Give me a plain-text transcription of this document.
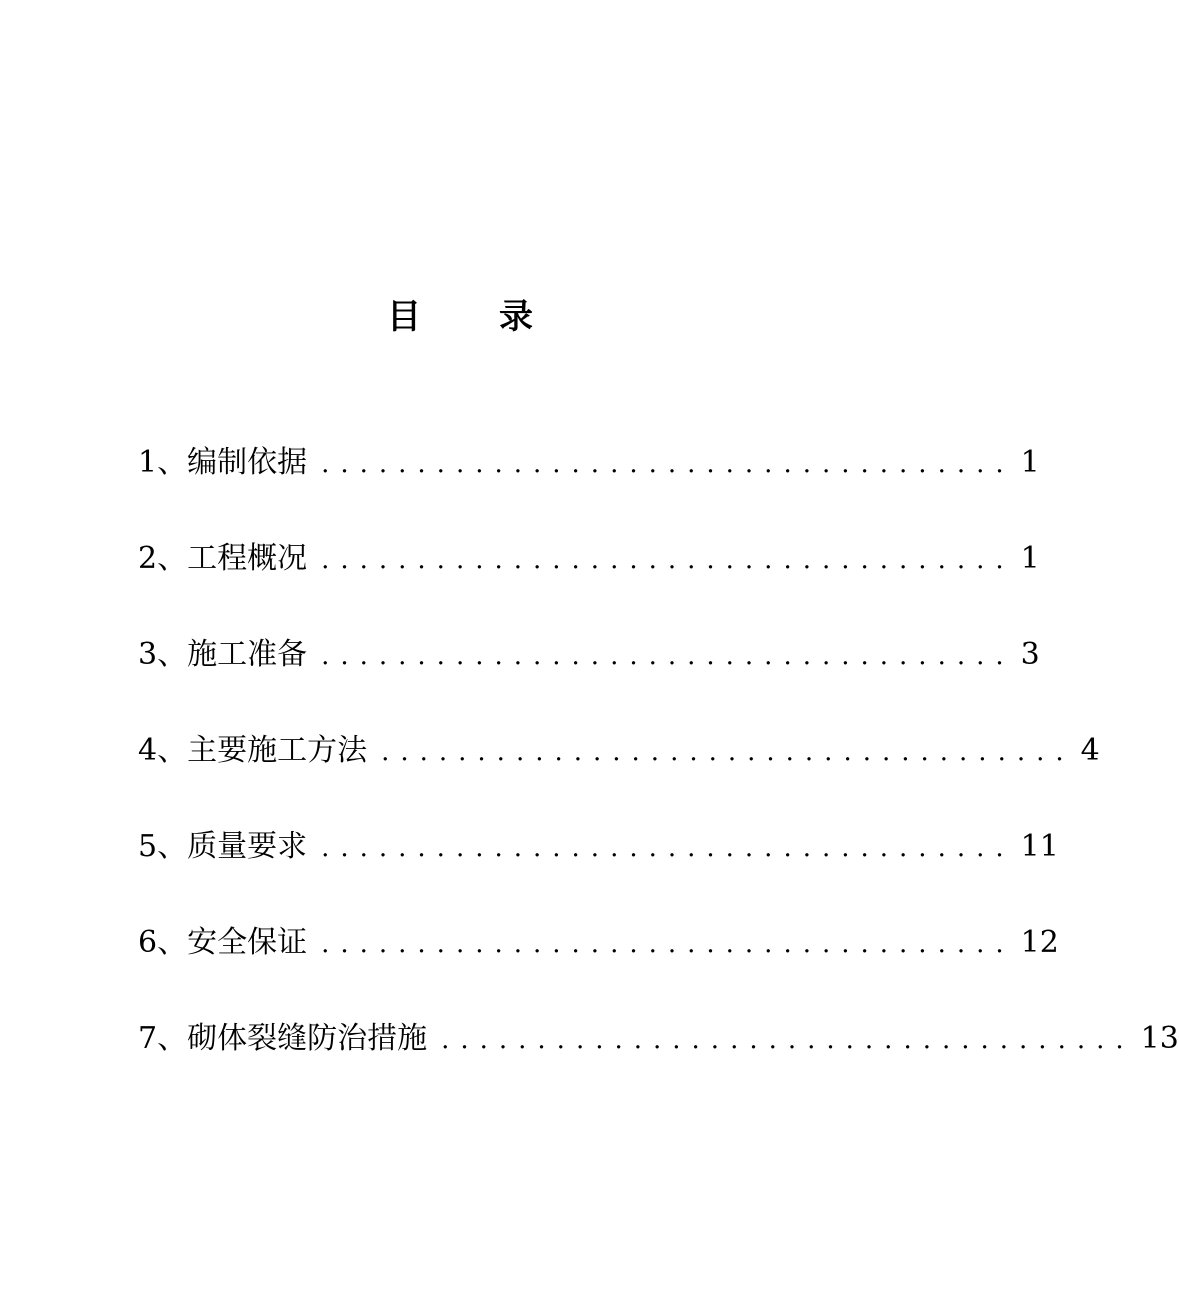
目录
1、编制依据 .................................... 1
2、工程概况 .................................... 1
3、施工准备 .................................... 3
4、主要施工方法 .................................... 4
5、质量要求 .................................... 11
6、安全保证 .................................... 12
7、砌体裂缝防治措施 .................................... 13
